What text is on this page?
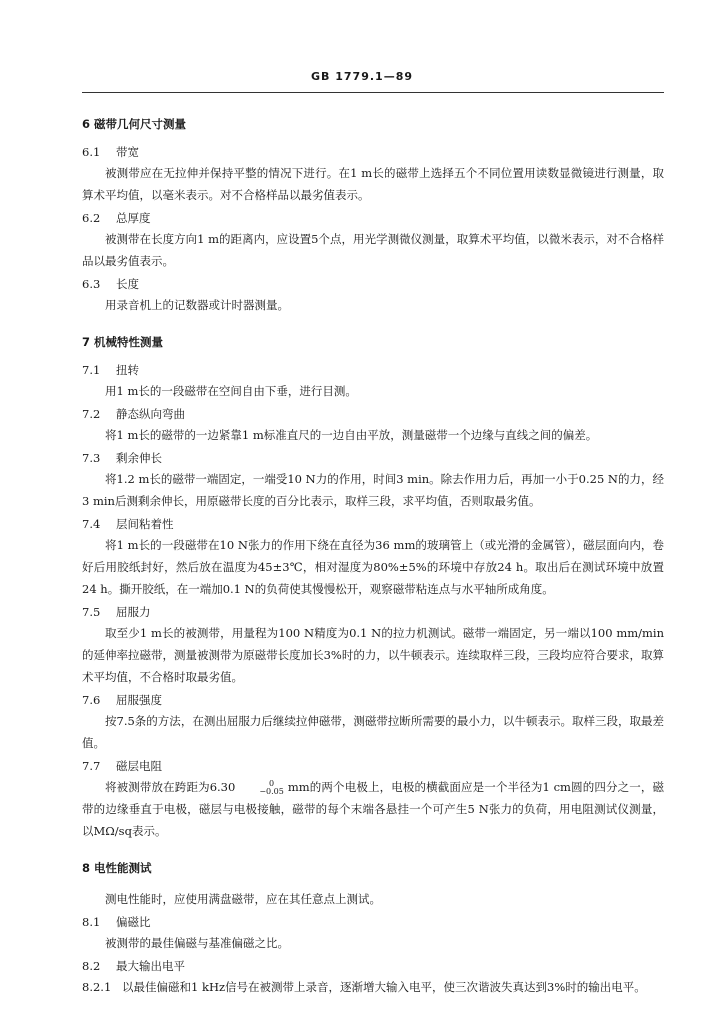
GB 1779.1—89
6 磁带几何尺寸测量
6.1 带宽

被测带应在无拉伸并保持平整的情况下进行。在1 m长的磁带上选择五个不同位置用读数显微镜进行测量，取算术平均值，以毫米表示。对不合格样品以最劣值表示。

6.2 总厚度

被测带在长度方向1 m的距离内，应设置5个点，用光学测微仪测量，取算术平均值，以微米表示，对不合格样品以最劣值表示。

6.3 长度

用录音机上的记数器或计时器测量。

7 机械特性测量
7.1 扭转

用1 m长的一段磁带在空间自由下垂，进行目测。

7.2 静态纵向弯曲

将1 m长的磁带的一边紧靠1 m标准直尺的一边自由平放，测量磁带一个边缘与直线之间的偏差。

7.3 剩余伸长

将1.2 m长的磁带一端固定，一端受10 N力的作用，时间3 min。除去作用力后，再加一小于0.25 N的力，经3 min后测剩余伸长，用原磁带长度的百分比表示，取样三段，求平均值，否则取最劣值。

7.4 层间粘着性

将1 m长的一段磁带在10 N张力的作用下绕在直径为36 mm的玻璃管上（或光滑的金属管），磁层面向内，卷好后用胶纸封好，然后放在温度为45±3℃，相对湿度为80%±5%的环境中存放24 h。取出后在测试环境中放置24 h。撕开胶纸，在一端加0.1 N的负荷使其慢慢松开，观察磁带粘连点与水平轴所成角度。

7.5 屈服力

取至少1 m长的被测带，用量程为100 N精度为0.1 N的拉力机测试。磁带一端固定，另一端以100 mm/min的延伸率拉磁带，测量被测带为原磁带长度加长3%时的力，以牛顿表示。连续取样三段，三段均应符合要求，取算术平均值，不合格时取最劣值。

7.6 屈服强度

按7.5条的方法，在测出屈服力后继续拉伸磁带，测磁带拉断所需要的最小力，以牛顿表示。取样三段，取最差值。

7.7 磁层电阻

将被测带放在跨距为6.30	0
−0.05 mm的两个电极上，电极的横截面应是一个半径为1 cm圆的四分之一，磁带的边缘垂直于电极，磁层与电极接触，磁带的每个末端各悬挂一个可产生5 N张力的负荷，用电阻测试仪测量，以MΩ/sq表示。

8 电性能测试

测电性能时，应使用满盘磁带，应在其任意点上测试。

8.1 偏磁比

被测带的最佳偏磁与基准偏磁之比。

8.2 最大输出电平

8.2.1 以最佳偏磁和1 kHz信号在被测带上录音，逐渐增大输入电平，使三次谐波失真达到3%时的输出电平。
